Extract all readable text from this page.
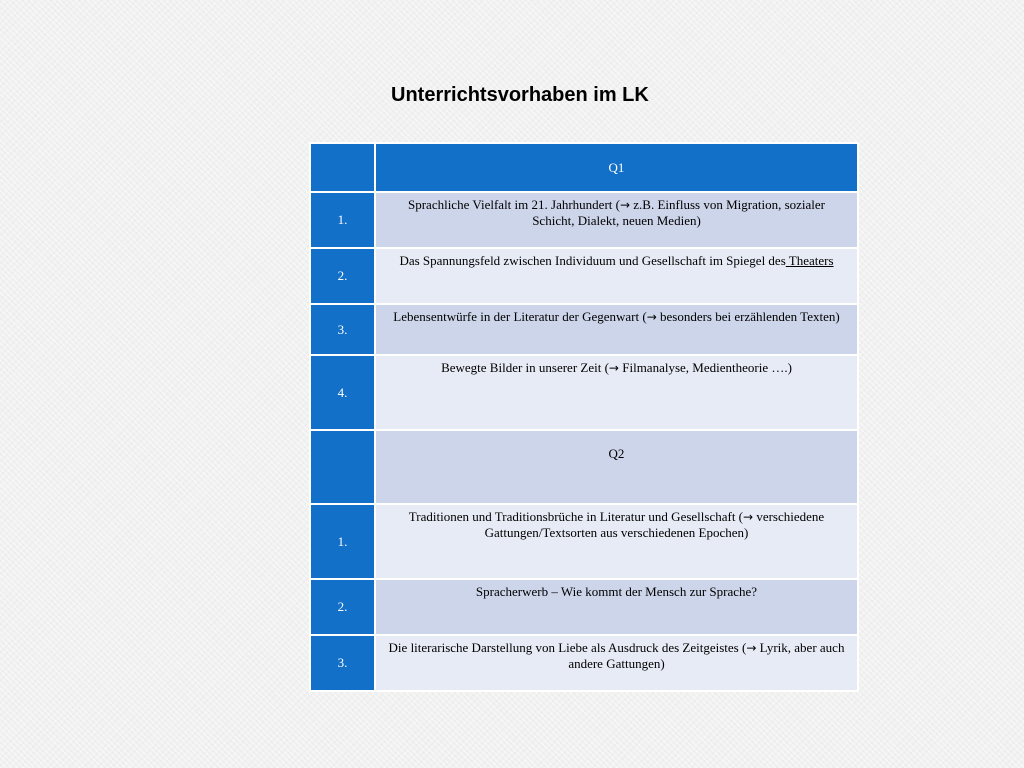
Unterrichtsvorhaben im LK
	Q1
1.	Sprachliche Vielfalt im 21. Jahrhundert (→ z.B. Einfluss von Migration, sozialer Schicht, Dialekt, neuen Medien)
2.	Das Spannungsfeld zwischen Individuum und Gesellschaft im Spiegel des Theaters
3.	Lebensentwürfe in der Literatur der Gegenwart (→ besonders bei erzählenden Texten)
4.	Bewegte Bilder in unserer Zeit (→ Filmanalyse, Medientheorie ….)
	Q2
1.	Traditionen und Traditionsbrüche in Literatur und Gesellschaft (→ verschiedene Gattungen/Textsorten aus verschiedenen Epochen)
2.	Spracherwerb – Wie kommt der Mensch zur Sprache?
3.	Die literarische Darstellung von Liebe als Ausdruck des Zeitgeistes (→ Lyrik, aber auch andere Gattungen)
